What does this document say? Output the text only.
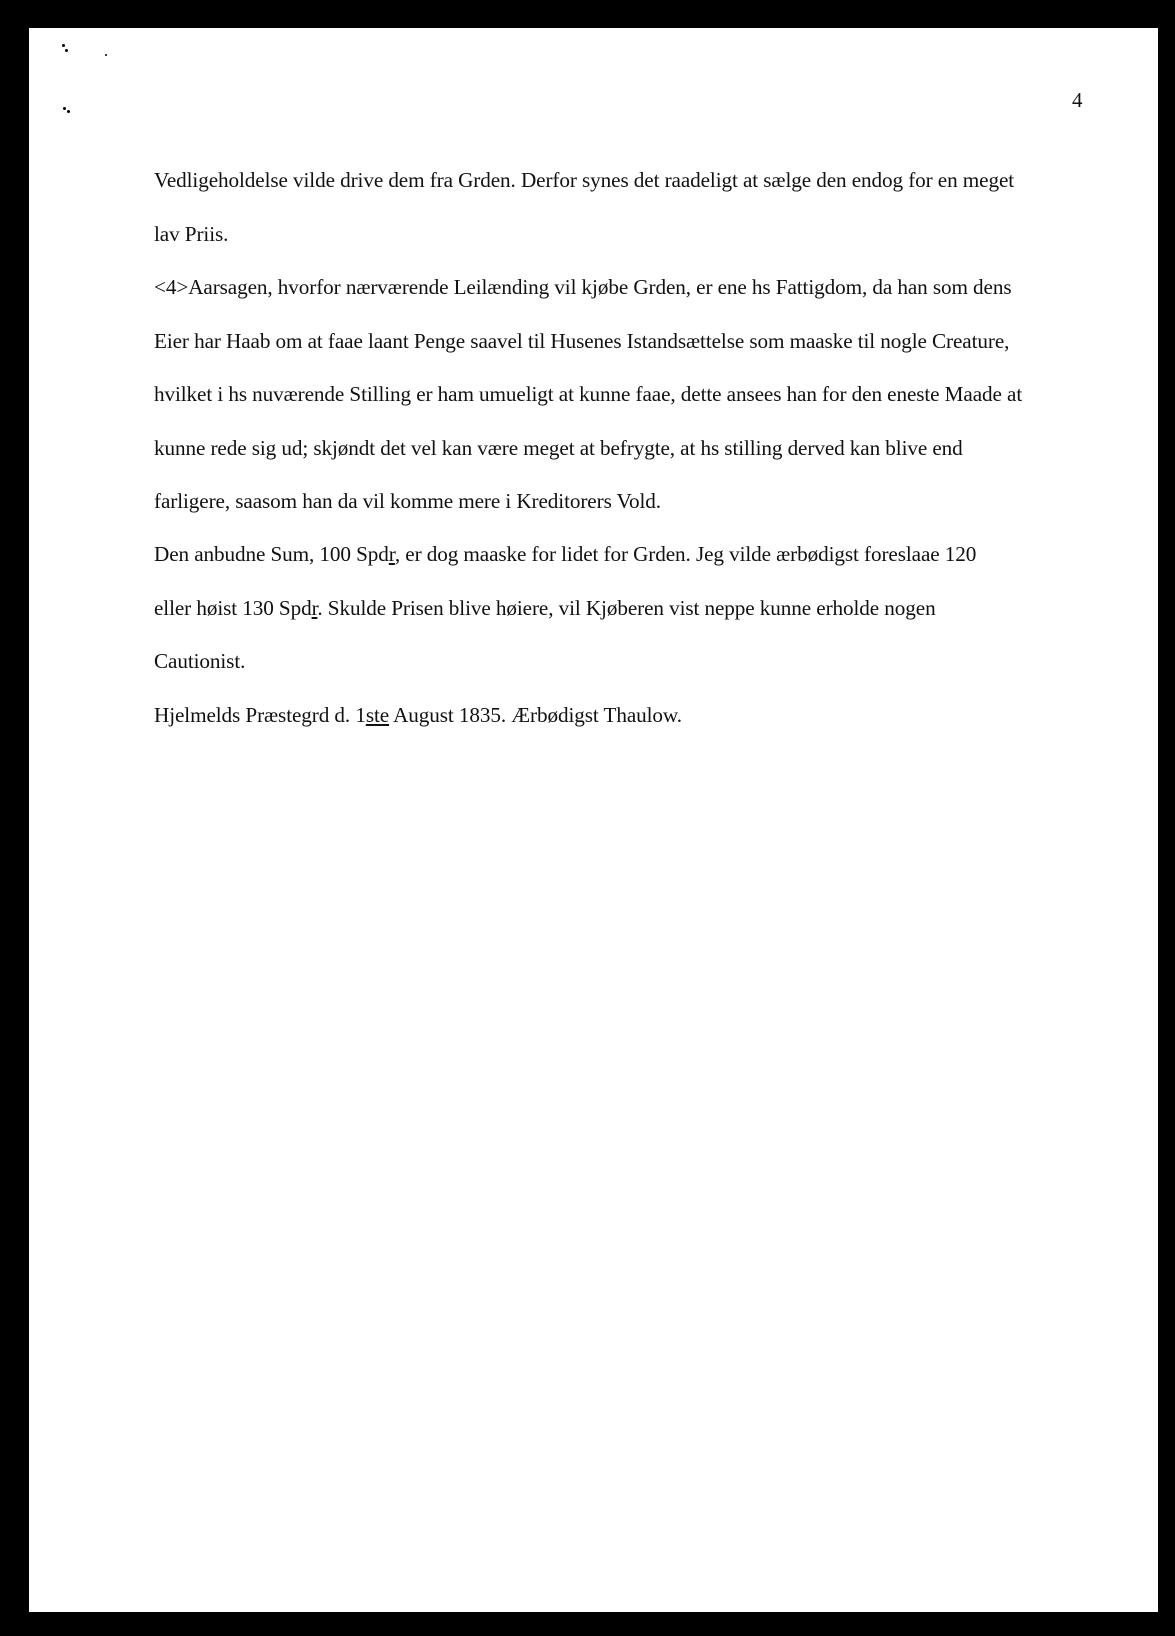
4
Vedligeholdelse vilde drive dem fra Grden. Derfor synes det raadeligt at sælge den endog for en meget
lav Priis.
<4>Aarsagen, hvorfor nærværende Leilænding vil kjøbe Grden, er ene hs Fattigdom, da han som dens
Eier har Haab om at faae laant Penge saavel til Husenes Istandsættelse som maaske til nogle Creature,
hvilket i hs nuværende Stilling er ham umueligt at kunne faae, dette ansees han for den eneste Maade at
kunne rede sig ud; skjøndt det vel kan være meget at befrygte, at hs stilling derved kan blive end
farligere, saasom han da vil komme mere i Kreditorers Vold.
Den anbudne Sum, 100 Spdr, er dog maaske for lidet for Grden. Jeg vilde ærbødigst foreslaae 120
eller høist 130 Spdr. Skulde Prisen blive høiere, vil Kjøberen vist neppe kunne erholde nogen
Cautionist.
Hjelmelds Præstegrd d. 1ste August 1835. Ærbødigst Thaulow.
